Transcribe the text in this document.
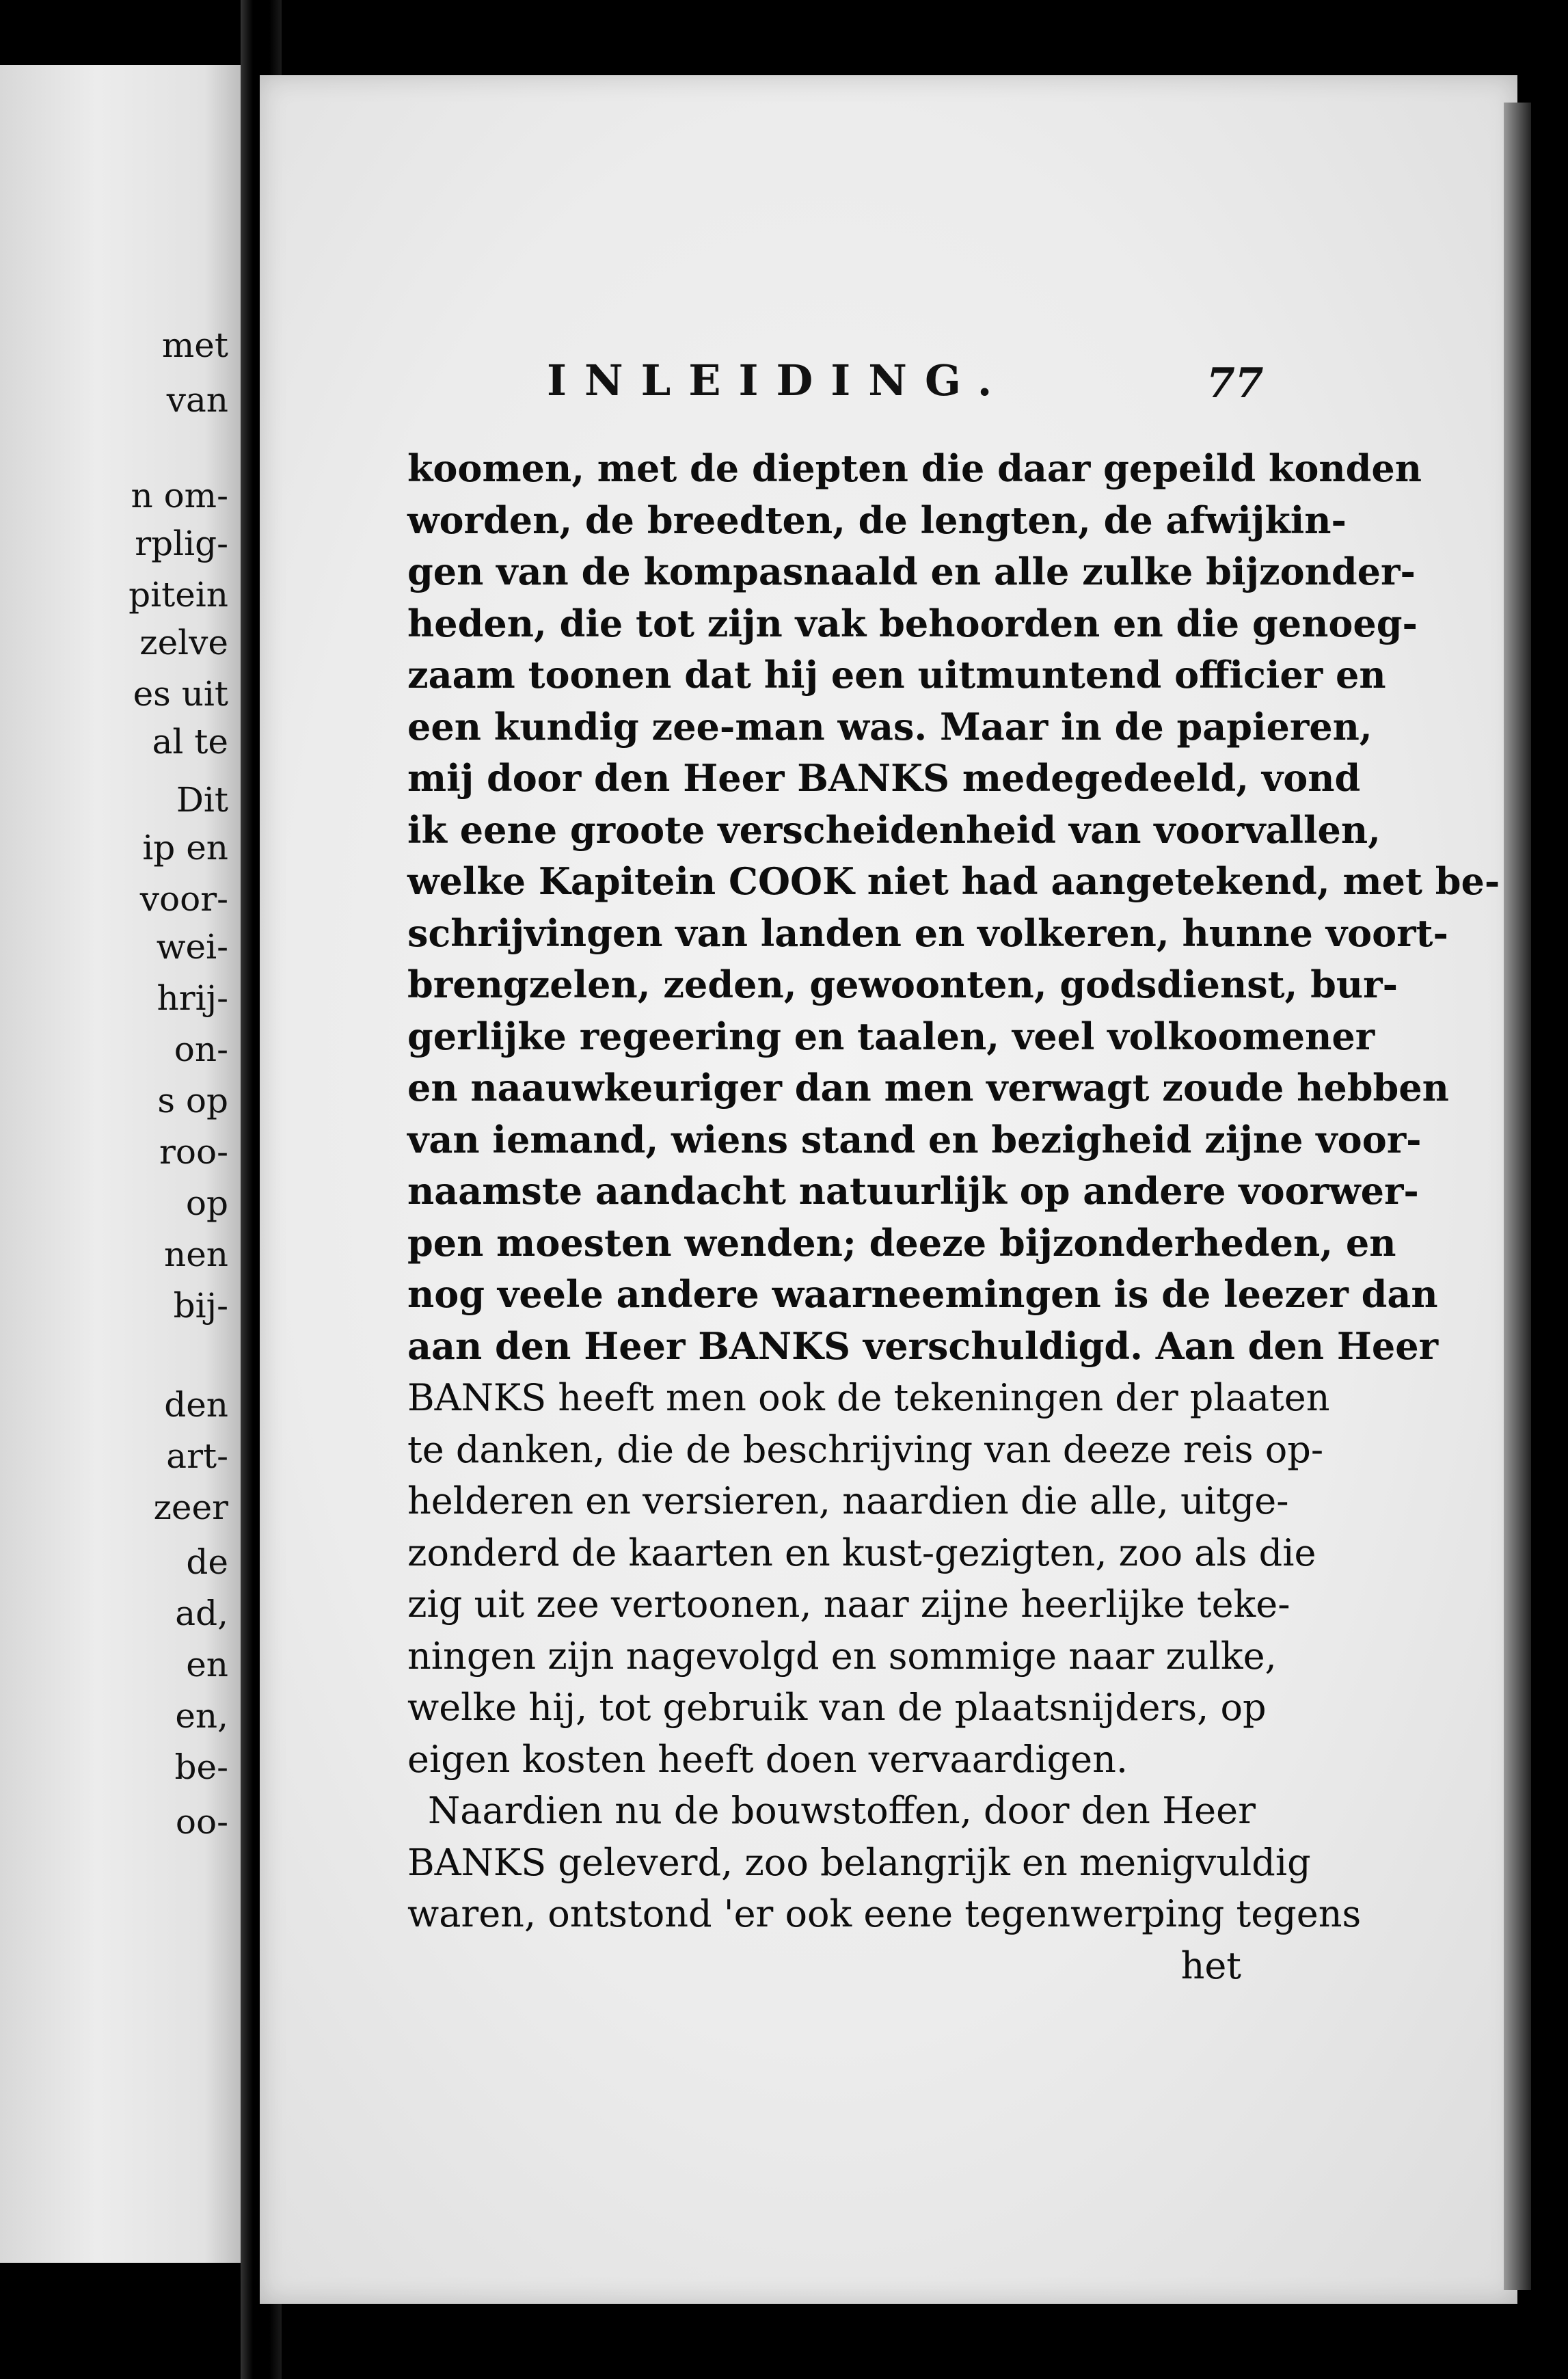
met
van
n om-
rplig-
pitein
zelve
es uit
al te
Dit
ip en
voor-
wei-
hrij-
on-
s op
roo-
op
nen
bij-
den
art-
zeer
de
ad,
en
en,
be-
oo-
INLEIDING.	77
koomen, met de diepten die daar gepeild konden
worden, de breedten, de lengten, de afwijkin-
gen van de kompasnaald en alle zulke bijzonder-
heden, die tot zijn vak behoorden en die genoeg-
zaam toonen dat hij een uitmuntend officier en
een kundig zee-man was. Maar in de papieren,
mij door den Heer BANKS medegedeeld, vond
ik eene groote verscheidenheid van voorvallen,
welke Kapitein COOK niet had aangetekend, met be-
schrijvingen van landen en volkeren, hunne voort-
brengzelen, zeden, gewoonten, godsdienst, bur-
gerlijke regeering en taalen, veel volkoomener
en naauwkeuriger dan men verwagt zoude hebben
van iemand, wiens stand en bezigheid zijne voor-
naamste aandacht natuurlijk op andere voorwer-
pen moesten wenden; deeze bijzonderheden, en
nog veele andere waarneemingen is de leezer dan
aan den Heer BANKS verschuldigd. Aan den Heer
BANKS heeft men ook de tekeningen der plaaten
te danken, die de beschrijving van deeze reis op-
helderen en versieren, naardien die alle, uitge-
zonderd de kaarten en kust-gezigten, zoo als die
zig uit zee vertoonen, naar zijne heerlijke teke-
ningen zijn nagevolgd en sommige naar zulke,
welke hij, tot gebruik van de plaatsnijders, op
eigen kosten heeft doen vervaardigen.
Naardien nu de bouwstoffen, door den Heer
BANKS geleverd, zoo belangrijk en menigvuldig
waren, ontstond 'er ook eene tegenwerping tegens
het
